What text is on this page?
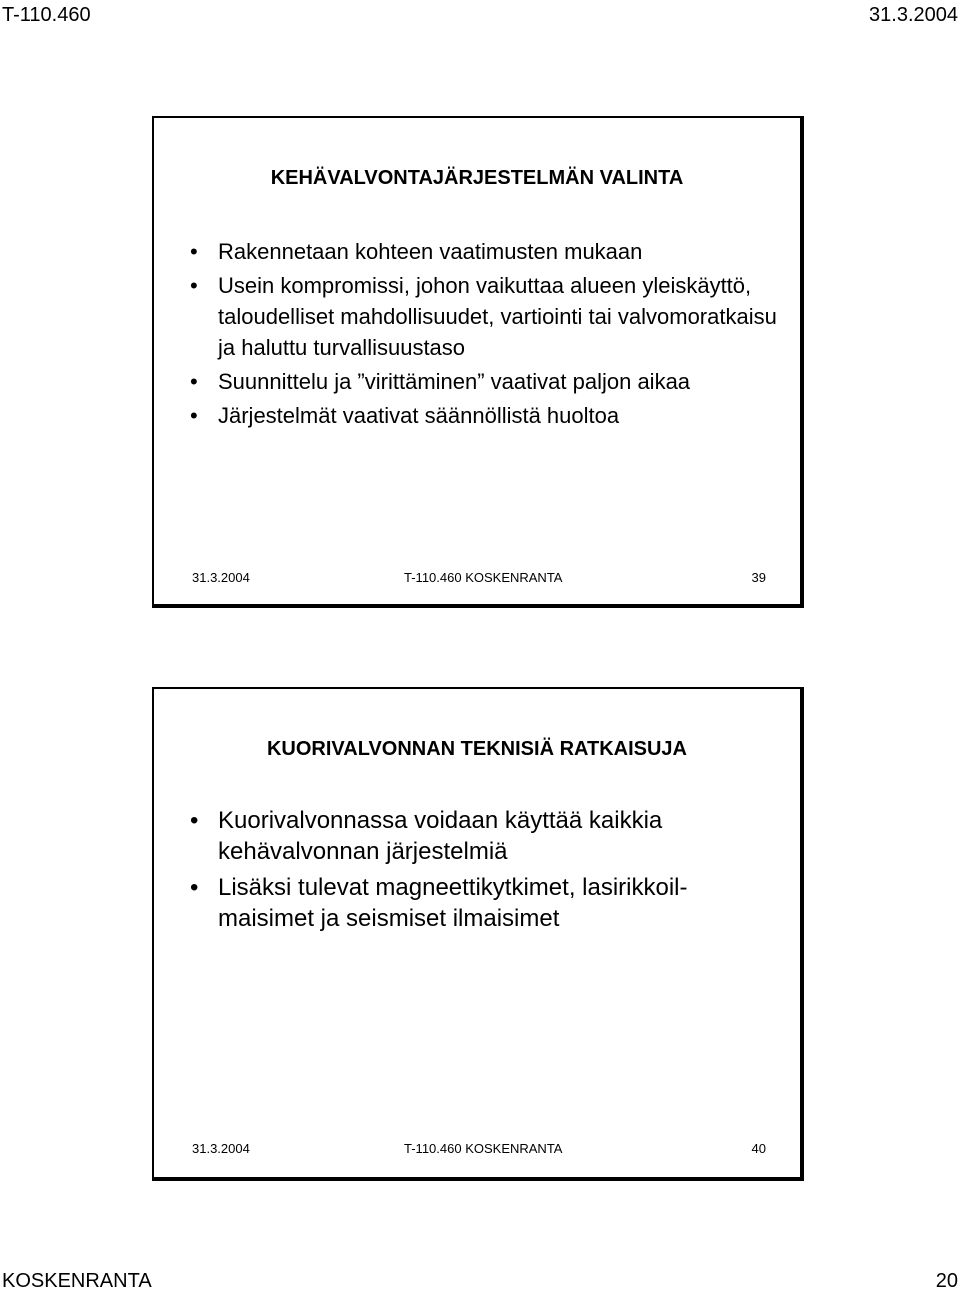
T-110.460	31.3.2004
KEHÄVALVONTAJÄRJESTELMÄN VALINTA
• Rakennetaan kohteen vaatimusten mukaan
• Usein kompromissi, johon vaikuttaa alueen yleiskäyttö, taloudelliset mahdollisuudet, vartiointi tai valvomoratkaisu ja haluttu turvallisuustaso
• Suunnittelu ja ”virittäminen” vaativat paljon aikaa
• Järjestelmät vaativat säännöllistä huoltoa
31.3.2004	T-110.460 KOSKENRANTA	39
KUORIVALVONNAN TEKNISIÄ RATKAISUJA
• Kuorivalvonnassa voidaan käyttää kaikkia kehävalvonnan järjestelmiä
• Lisäksi tulevat magneettikytkimet, lasirikkoil-maisimet ja seismiset ilmaisimet
31.3.2004	T-110.460 KOSKENRANTA	40
KOSKENRANTA	20
